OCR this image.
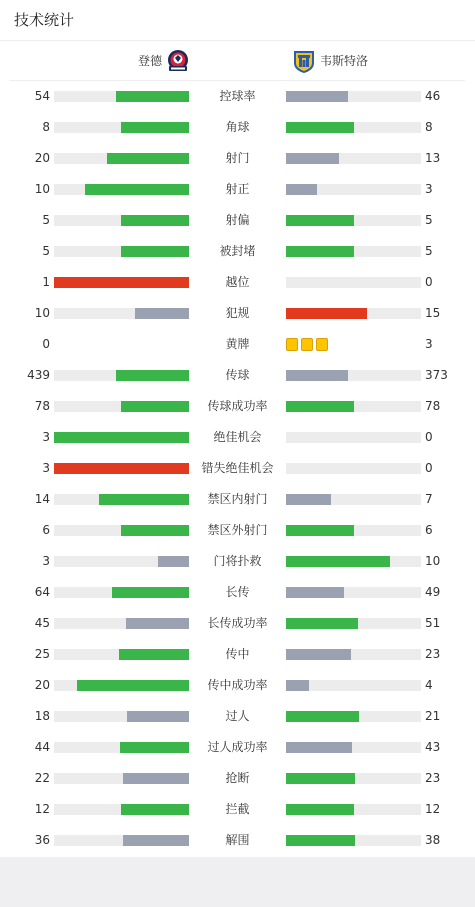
技术统计
登德	韦斯特洛
54	控球率	46
8	角球	8
20	射门	13
10	射正	3
5	射偏	5
5	被封堵	5
1	越位	0
10	犯规	15
0	黄牌	3
439	传球	373
78	传球成功率	78
3	绝佳机会	0
3	错失绝佳机会	0
14	禁区内射门	7
6	禁区外射门	6
3	门将扑救	10
64	长传	49
45	长传成功率	51
25	传中	23
20	传中成功率	4
18	过人	21
44	过人成功率	43
22	抢断	23
12	拦截	12
36	解围	38
